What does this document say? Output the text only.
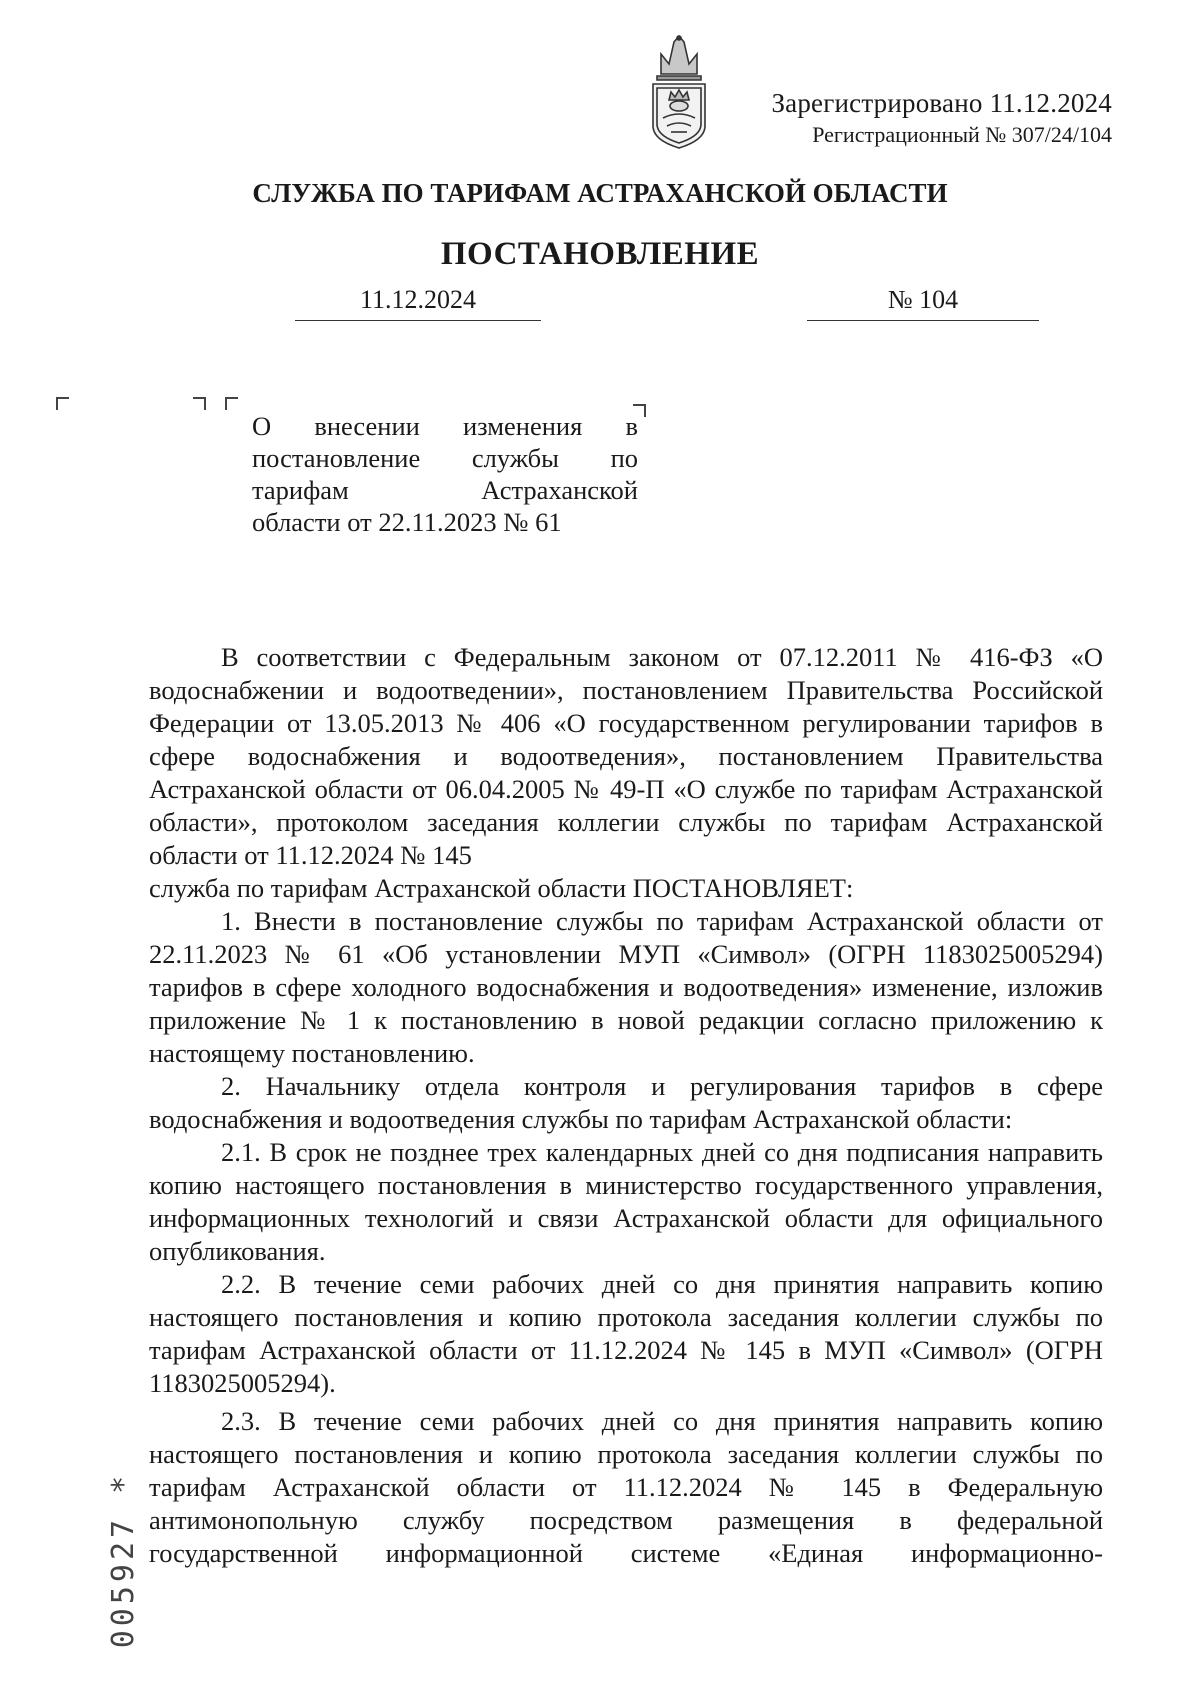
Зарегистрировано 11.12.2024
Регистрационный № 307/24/104
СЛУЖБА ПО ТАРИФАМ АСТРАХАНСКОЙ ОБЛАСТИ
ПОСТАНОВЛЕНИЕ
11.12.2024	№ 104
О внесении изменения в
постановление службы по
тарифам Астраханской
области от 22.11.2023 № 61

В соответствии с Федеральным законом от 07.12.2011 № 416-ФЗ «О водоснабжении и водоотведении», постановлением Правительства Российской Федерации от 13.05.2013 № 406 «О государственном регулировании тарифов в сфере водоснабжения и водоотведения», постановлением Правительства Астраханской области от 06.04.2005 № 49-П «О службе по тарифам Астраханской области», протоколом заседания коллегии службы по тарифам Астраханской области от 11.12.2024 № 145

служба по тарифам Астраханской области ПОСТАНОВЛЯЕТ:

1. Внести в постановление службы по тарифам Астраханской области от 22.11.2023 № 61 «Об установлении МУП «Символ» (ОГРН 1183025005294) тарифов в сфере холодного водоснабжения и водоотведения» изменение, изложив приложение № 1 к постановлению в новой редакции согласно приложению к настоящему постановлению.

2. Начальнику отдела контроля и регулирования тарифов в сфере водоснабжения и водоотведения службы по тарифам Астраханской области:

2.1. В срок не позднее трех календарных дней со дня подписания направить копию настоящего постановления в министерство государственного управления, информационных технологий и связи Астраханской области для официального опубликования.

2.2. В течение семи рабочих дней со дня принятия направить копию настоящего постановления и копию протокола заседания коллегии службы по тарифам Астраханской области от 11.12.2024 № 145 в МУП «Символ» (ОГРН 1183025005294).

2.3. В течение семи рабочих дней со дня принятия направить копию настоящего постановления и копию протокола заседания коллегии службы по тарифам Астраханской области от 11.12.2024 № 145 в Федеральную антимонопольную службу посредством размещения в федеральной государственной информационной системе «Единая информационно-

005927 *
